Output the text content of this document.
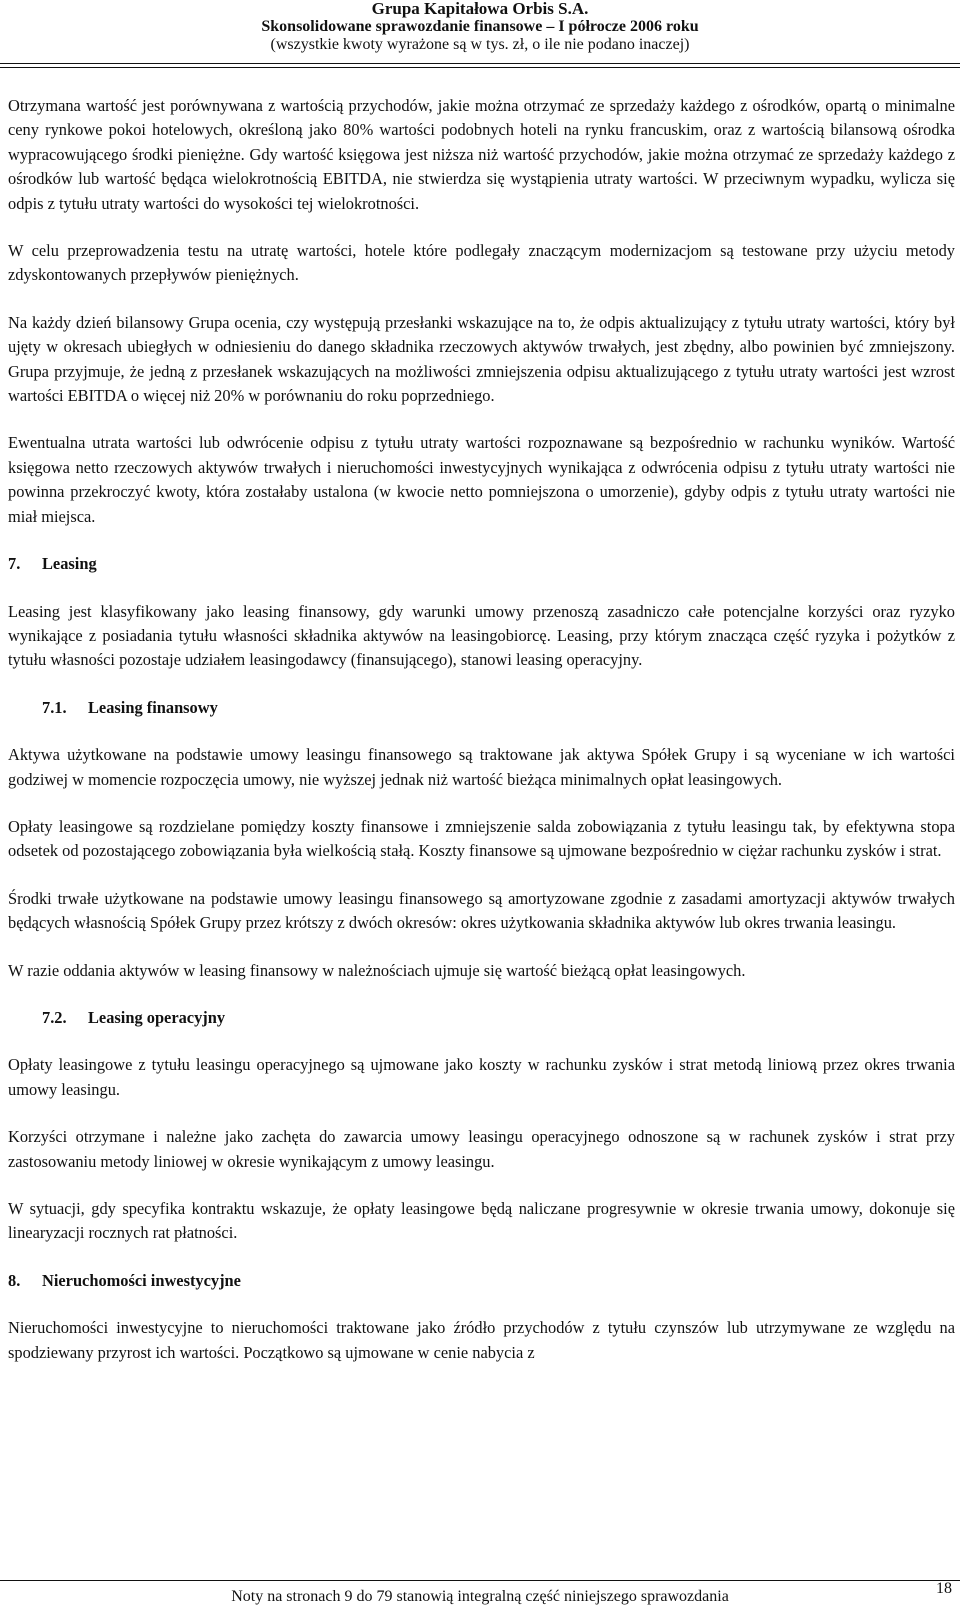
Grupa Kapitałowa Orbis S.A.
Skonsolidowane sprawozdanie finansowe – I półrocze 2006 roku
(wszystkie kwoty wyrażone są w tys. zł, o ile nie podano inaczej)

Otrzymana wartość jest porównywana z wartością przychodów, jakie można otrzymać ze sprzedaży każdego z ośrodków, opartą o minimalne ceny rynkowe pokoi hotelowych, określoną jako 80% wartości podobnych hoteli na rynku francuskim, oraz z wartością bilansową ośrodka wypracowującego środki pieniężne. Gdy wartość księgowa jest niższa niż wartość przychodów, jakie można otrzymać ze sprzedaży każdego z ośrodków lub wartość będąca wielokrotnością EBITDA, nie stwierdza się wystąpienia utraty wartości. W przeciwnym wypadku, wylicza się odpis z tytułu utraty wartości do wysokości tej wielokrotności.

W celu przeprowadzenia testu na utratę wartości, hotele które podlegały znaczącym modernizacjom są testowane przy użyciu metody zdyskontowanych przepływów pieniężnych.

Na każdy dzień bilansowy Grupa ocenia, czy występują przesłanki wskazujące na to, że odpis aktualizujący z tytułu utraty wartości, który był ujęty w okresach ubiegłych w odniesieniu do danego składnika rzeczowych aktywów trwałych, jest zbędny, albo powinien być zmniejszony. Grupa przyjmuje, że jedną z przesłanek wskazujących na możliwości zmniejszenia odpisu aktualizującego z tytułu utraty wartości jest wzrost wartości EBITDA o więcej niż 20% w porównaniu do roku poprzedniego.

Ewentualna utrata wartości lub odwrócenie odpisu z tytułu utraty wartości rozpoznawane są bezpośrednio w rachunku wyników. Wartość księgowa netto rzeczowych aktywów trwałych i nieruchomości inwestycyjnych wynikająca z odwrócenia odpisu z tytułu utraty wartości nie powinna przekroczyć kwoty, która zostałaby ustalona (w kwocie netto pomniejszona o umorzenie), gdyby odpis z tytułu utraty wartości nie miał miejsca.

7. Leasing

Leasing jest klasyfikowany jako leasing finansowy, gdy warunki umowy przenoszą zasadniczo całe potencjalne korzyści oraz ryzyko wynikające z posiadania tytułu własności składnika aktywów na leasingobiorcę. Leasing, przy którym znacząca część ryzyka i pożytków z tytułu własności pozostaje udziałem leasingodawcy (finansującego), stanowi leasing operacyjny.

7.1. Leasing finansowy

Aktywa użytkowane na podstawie umowy leasingu finansowego są traktowane jak aktywa Spółek Grupy i są wyceniane w ich wartości godziwej w momencie rozpoczęcia umowy, nie wyższej jednak niż wartość bieżąca minimalnych opłat leasingowych.

Opłaty leasingowe są rozdzielane pomiędzy koszty finansowe i zmniejszenie salda zobowiązania z tytułu leasingu tak, by efektywna stopa odsetek od pozostającego zobowiązania była wielkością stałą. Koszty finansowe są ujmowane bezpośrednio w ciężar rachunku zysków i strat.

Środki trwałe użytkowane na podstawie umowy leasingu finansowego są amortyzowane zgodnie z zasadami amortyzacji aktywów trwałych będących własnością Spółek Grupy przez krótszy z dwóch okresów: okres użytkowania składnika aktywów lub okres trwania leasingu.

W razie oddania aktywów w leasing finansowy w należnościach ujmuje się wartość bieżącą opłat leasingowych.

7.2. Leasing operacyjny

Opłaty leasingowe z tytułu leasingu operacyjnego są ujmowane jako koszty w rachunku zysków i strat metodą liniową przez okres trwania umowy leasingu.

Korzyści otrzymane i należne jako zachęta do zawarcia umowy leasingu operacyjnego odnoszone są w rachunek zysków i strat przy zastosowaniu metody liniowej w okresie wynikającym z umowy leasingu.

W sytuacji, gdy specyfika kontraktu wskazuje, że opłaty leasingowe będą naliczane progresywnie w okresie trwania umowy, dokonuje się linearyzacji rocznych rat płatności.

8. Nieruchomości inwestycyjne

Nieruchomości inwestycyjne to nieruchomości traktowane jako źródło przychodów z tytułu czynszów lub utrzymywane ze względu na spodziewany przyrost ich wartości. Początkowo są ujmowane w cenie nabycia z

Noty na stronach 9 do 79 stanowią integralną część niniejszego sprawozdania	18
